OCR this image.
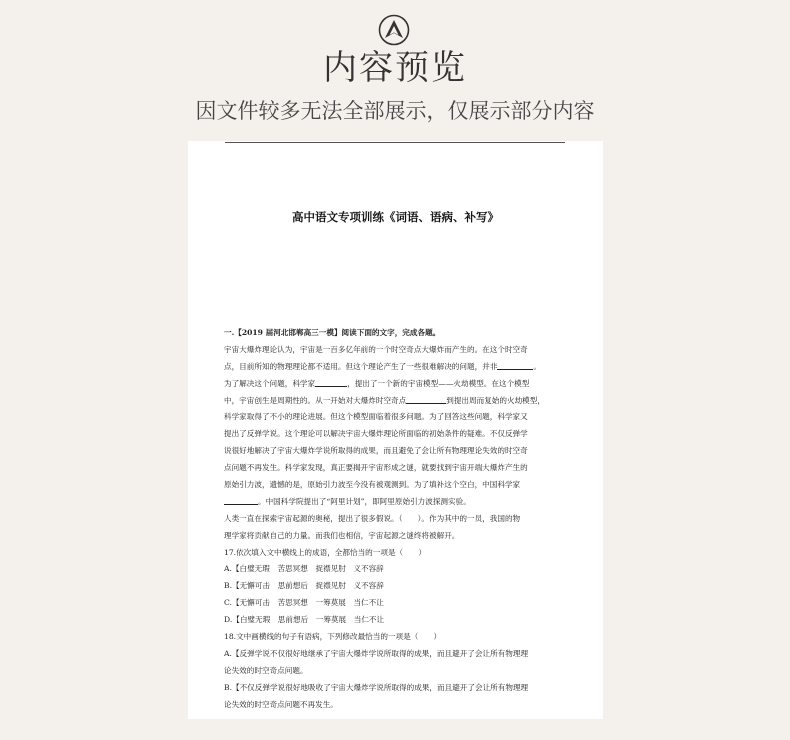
内容预览
因文件较多无法全部展示，仅展示部分内容
高中语文专项训练《词语、语病、补写》
一.【2019 届河北邯郸高三一模】阅读下面的文字，完成各题。
宇宙大爆炸理论认为，宇宙是一百多亿年前的一个时空奇点大爆炸而产生的。在这个时空奇
点，目前所知的物理理论都不适用。但这个理论产生了一些很难解决的问题，并非	。
为了解决这个问题，科学家	，提出了一个新的宇宙模型——火劫模型。在这个模型
中，宇宙创生是周期性的。从一开始对大爆炸时空奇点	到提出周而复始的火劫模型，
科学家取得了不小的理论进展。但这个模型面临着很多问题。为了回答这些问题，科学家又
提出了反弹学说。这个理论可以解决宇宙大爆炸理论所面临的初始条件的疑难。不仅反弹学
说很好地解决了宇宙大爆炸学说所取得的成果，而且避免了会让所有物理理论失效的时空奇
点问题不再发生。科学家发现，真正要揭开宇宙形成之谜，就要找到宇宙开端大爆炸产生的
原始引力波，遗憾的是，原始引力波至今没有被观测到。为了填补这个空白，中国科学家
。中国科学院提出了“阿里计划”，即阿里原始引力波探测实验。
人类一直在探索宇宙起源的奥秘，提出了很多假说。（　　）。作为其中的一员，我国的物
理学家将贡献自己的力量。而我们也相信，宇宙起源之谜终将被解开。
17.依次填入文中横线上的成语，全都恰当的一项是（　　）
A.【白璧无瑕　 苦思冥想　 捉襟见肘　 义不容辞
B.【无懈可击　 思前想后　 捉襟见肘　 义不容辞
C.【无懈可击　 苦思冥想　 一筹莫展　 当仁不让
D.【白璧无瑕　 思前想后　 一筹莫展　 当仁不让
18.文中画横线的句子有语病，下列修改最恰当的一项是（　　）
A.【反弹学说不仅很好地继承了宇宙大爆炸学说所取得的成果，而且避开了会让所有物理理
论失效的时空奇点问题。
B.【不仅反弹学说很好地吸收了宇宙大爆炸学说所取得的成果，而且避开了会让所有物理理
论失效的时空奇点问题不再发生。
